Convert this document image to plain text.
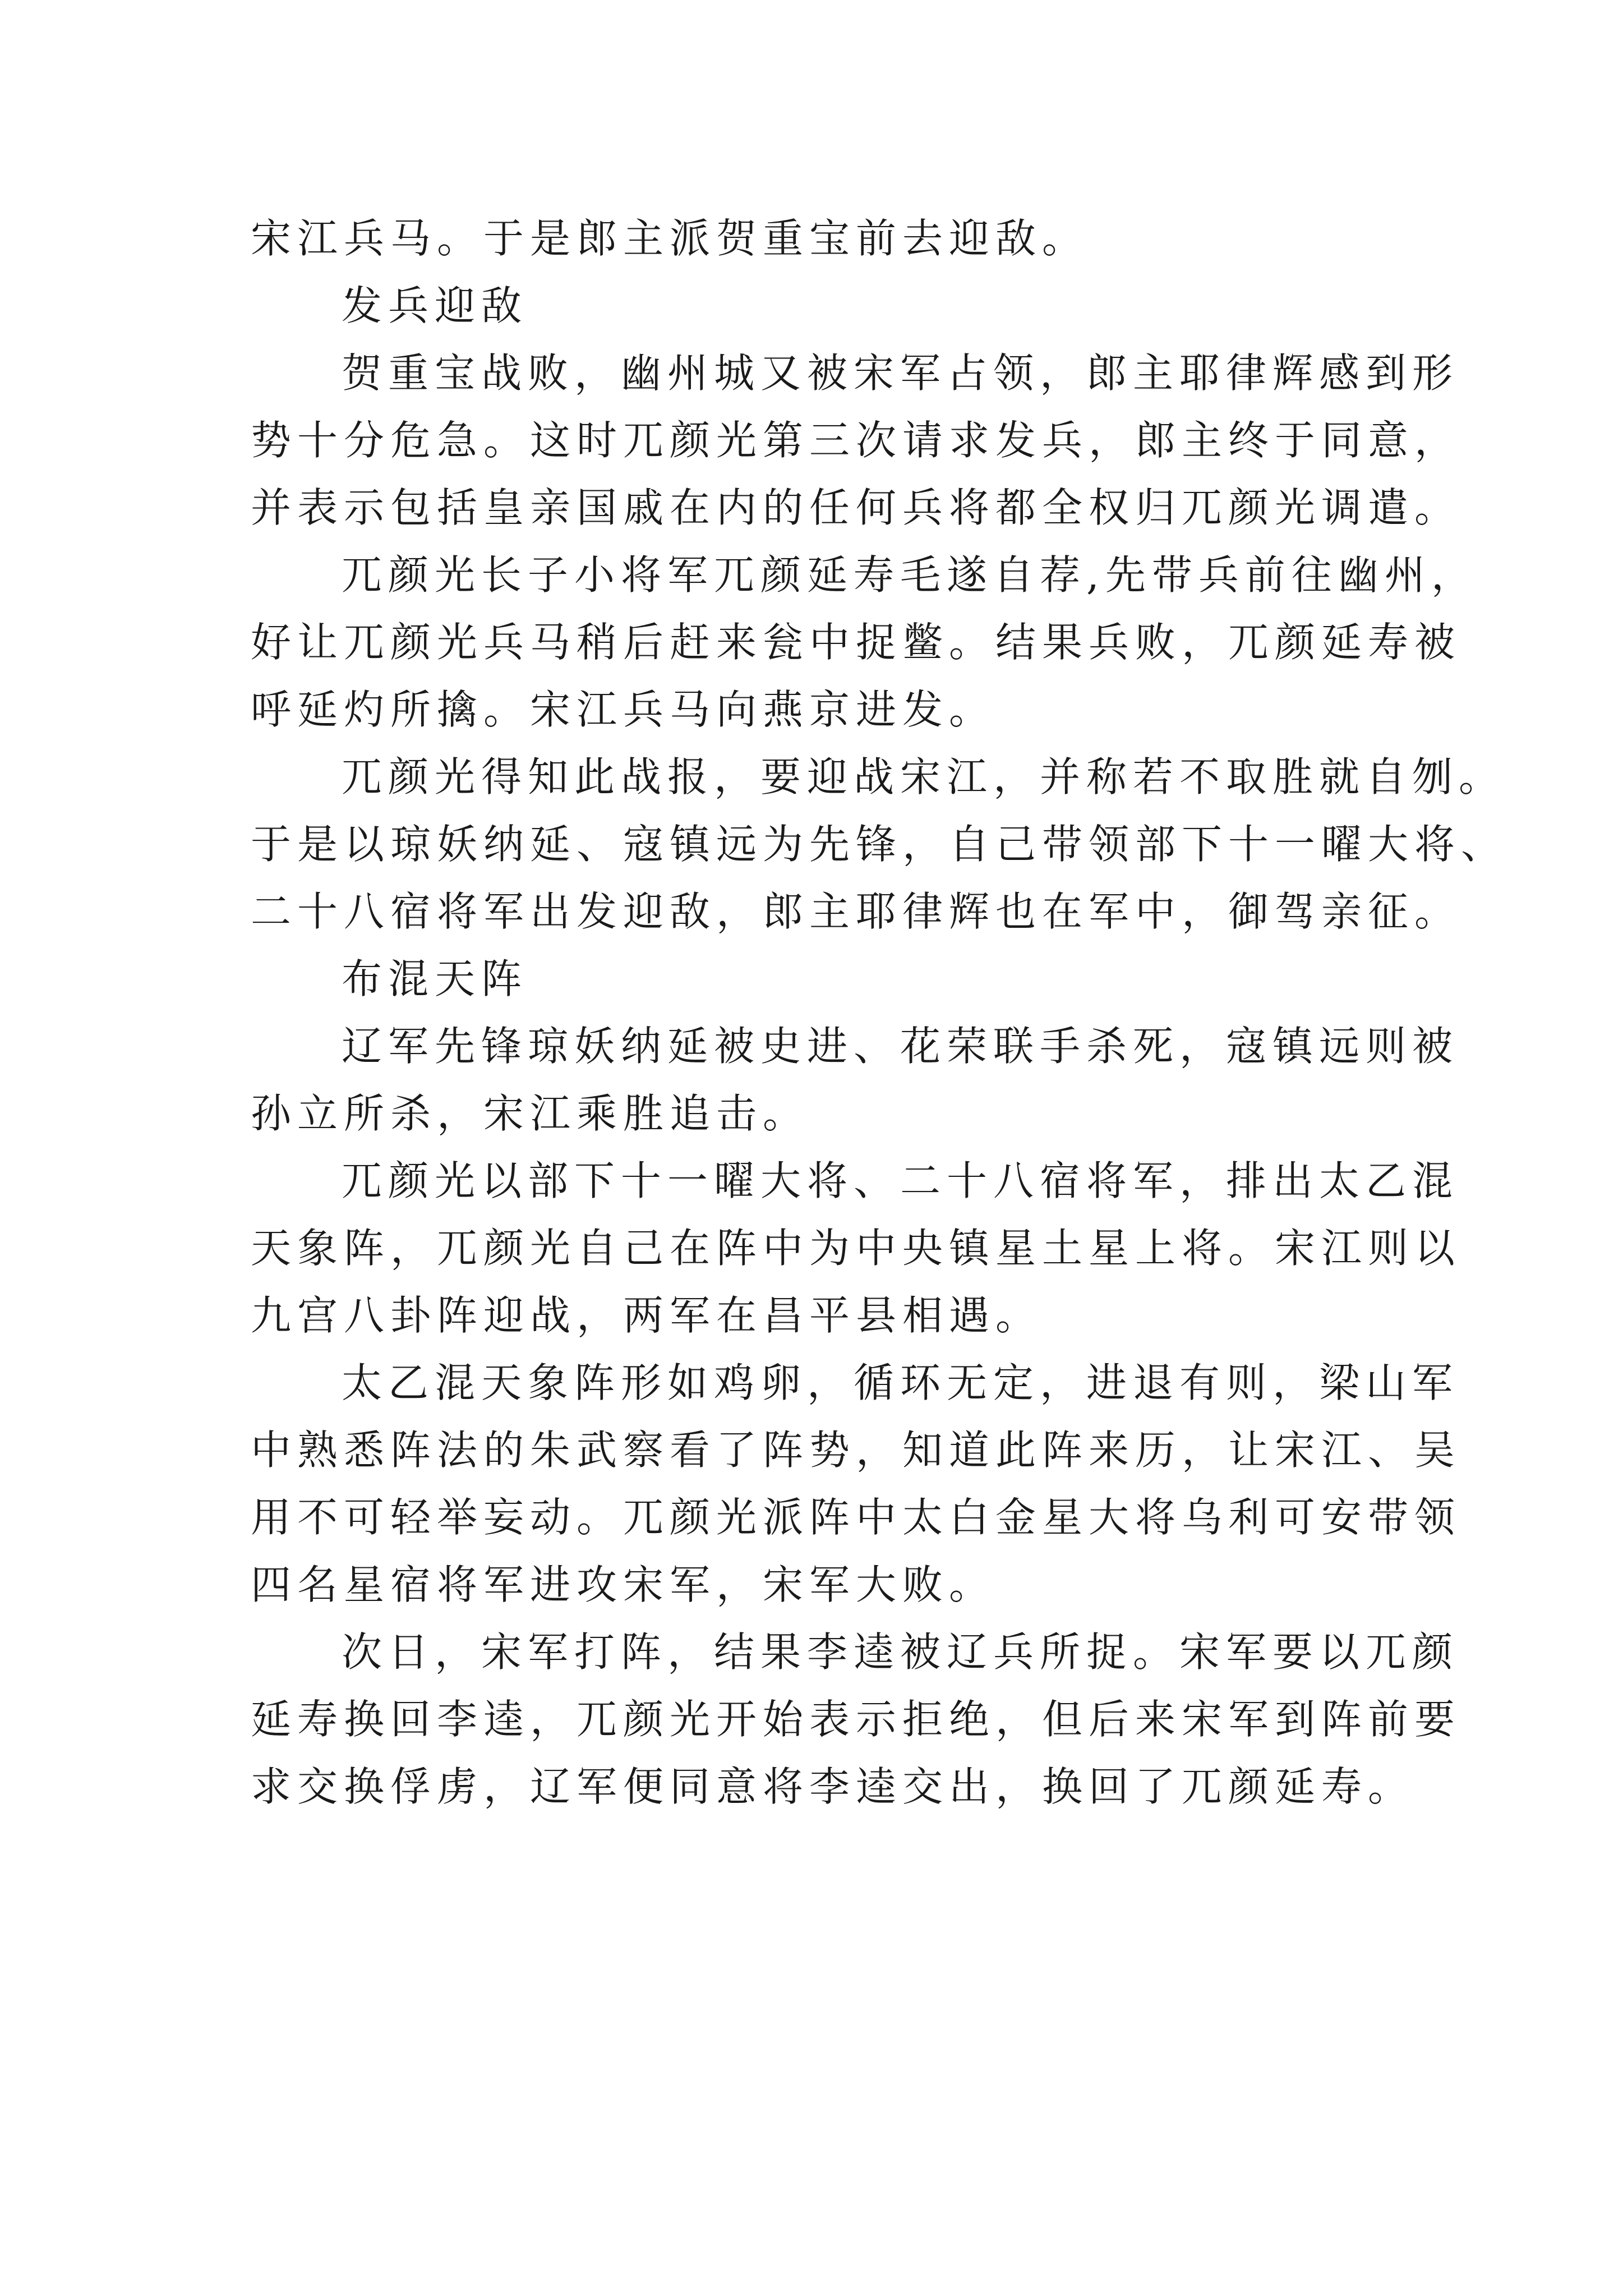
宋江兵马。于是郎主派贺重宝前去迎敌。
发兵迎敌
贺重宝战败，幽州城又被宋军占领，郎主耶律辉感到形
势十分危急。这时兀颜光第三次请求发兵，郎主终于同意，
并表示包括皇亲国戚在内的任何兵将都全权归兀颜光调遣。
兀颜光长子小将军兀颜延寿毛遂自荐,先带兵前往幽州，
好让兀颜光兵马稍后赶来瓮中捉鳖。结果兵败，兀颜延寿被
呼延灼所擒。宋江兵马向燕京进发。
兀颜光得知此战报，要迎战宋江，并称若不取胜就自刎。
于是以琼妖纳延、寇镇远为先锋，自己带领部下十一曜大将、
二十八宿将军出发迎敌，郎主耶律辉也在军中，御驾亲征。
布混天阵
辽军先锋琼妖纳延被史进、花荣联手杀死，寇镇远则被
孙立所杀，宋江乘胜追击。
兀颜光以部下十一曜大将、二十八宿将军，排出太乙混
天象阵，兀颜光自己在阵中为中央镇星土星上将。宋江则以
九宫八卦阵迎战，两军在昌平县相遇。
太乙混天象阵形如鸡卵，循环无定，进退有则，梁山军
中熟悉阵法的朱武察看了阵势，知道此阵来历，让宋江、吴
用不可轻举妄动。兀颜光派阵中太白金星大将乌利可安带领
四名星宿将军进攻宋军，宋军大败。
次日，宋军打阵，结果李逵被辽兵所捉。宋军要以兀颜
延寿换回李逵，兀颜光开始表示拒绝，但后来宋军到阵前要
求交换俘虏，辽军便同意将李逵交出，换回了兀颜延寿。
